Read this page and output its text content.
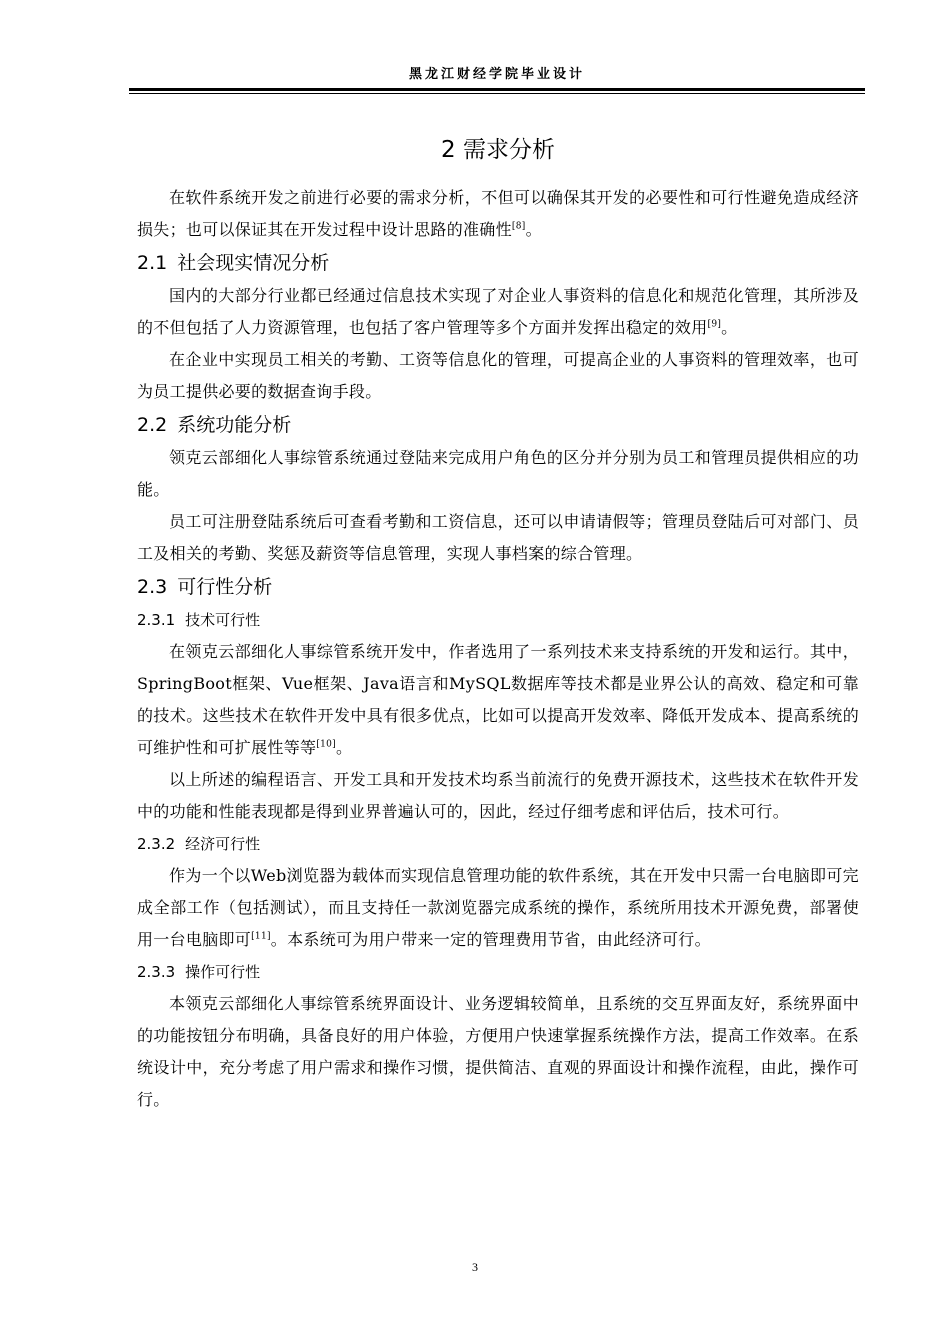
黑龙江财经学院毕业设计
2 需求分析

在软件系统开发之前进行必要的需求分析，不但可以确保其开发的必要性和可行性避免造成经济损失；也可以保证其在开发过程中设计思路的准确性[8]。

2.1 社会现实情况分析

国内的大部分行业都已经通过信息技术实现了对企业人事资料的信息化和规范化管理，其所涉及的不但包括了人力资源管理，也包括了客户管理等多个方面并发挥出稳定的效用[9]。

在企业中实现员工相关的考勤、工资等信息化的管理，可提高企业的人事资料的管理效率，也可为员工提供必要的数据查询手段。

2.2 系统功能分析

领克云部细化人事综管系统通过登陆来完成用户角色的区分并分别为员工和管理员提供相应的功能。

员工可注册登陆系统后可查看考勤和工资信息，还可以申请请假等；管理员登陆后可对部门、员工及相关的考勤、奖惩及薪资等信息管理，实现人事档案的综合管理。

2.3 可行性分析
2.3.1 技术可行性

在领克云部细化人事综管系统开发中，作者选用了一系列技术来支持系统的开发和运行。其中，SpringBoot框架、Vue框架、Java语言和MySQL数据库等技术都是业界公认的高效、稳定和可靠的技术。这些技术在软件开发中具有很多优点，比如可以提高开发效率、降低开发成本、提高系统的可维护性和可扩展性等等[10]。

以上所述的编程语言、开发工具和开发技术均系当前流行的免费开源技术，这些技术在软件开发中的功能和性能表现都是得到业界普遍认可的，因此，经过仔细考虑和评估后，技术可行。

2.3.2 经济可行性

作为一个以Web浏览器为载体而实现信息管理功能的软件系统，其在开发中只需一台电脑即可完成全部工作（包括测试），而且支持任一款浏览器完成系统的操作，系统所用技术开源免费，部署使用一台电脑即可[11]。本系统可为用户带来一定的管理费用节省，由此经济可行。

2.3.3 操作可行性

本领克云部细化人事综管系统界面设计、业务逻辑较简单，且系统的交互界面友好，系统界面中的功能按钮分布明确，具备良好的用户体验，方便用户快速掌握系统操作方法，提高工作效率。在系统设计中，充分考虑了用户需求和操作习惯，提供简洁、直观的界面设计和操作流程，由此，操作可行。

3
